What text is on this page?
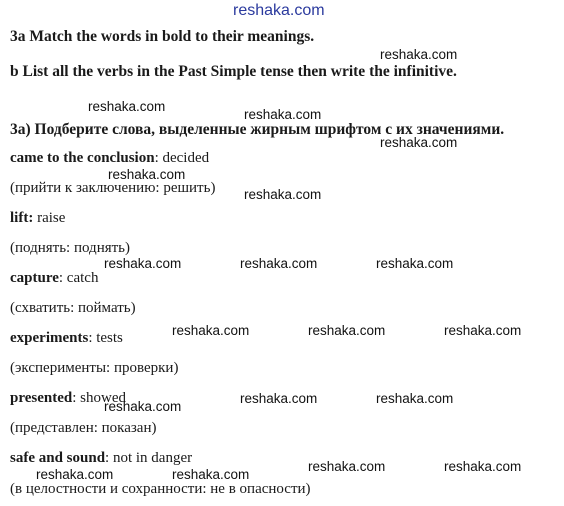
reshaka.com
3a Match the words in bold to their meanings.
b List all the verbs in the Past Simple tense then write the infinitive.
3a) Подберите слова, выделенные жирным шрифтом с их значениями.
came to the conclusion: decided
(прийти к заключению: решить)
lift: raise
(поднять: поднять)
capture: catch
(схватить: поймать)
experiments: tests
(эксперименты: проверки)
presented: showed
(представлен: показан)
safe and sound: not in danger
(в целостности и сохранности: не в опасности)
reshaka.com
reshaka.com
reshaka.com
reshaka.com
reshaka.com
reshaka.com
reshaka.com	reshaka.com	reshaka.com
reshaka.com	reshaka.com	reshaka.com
reshaka.com
reshaka.com	reshaka.com
reshaka.com	reshaka.com
reshaka.com	reshaka.com
